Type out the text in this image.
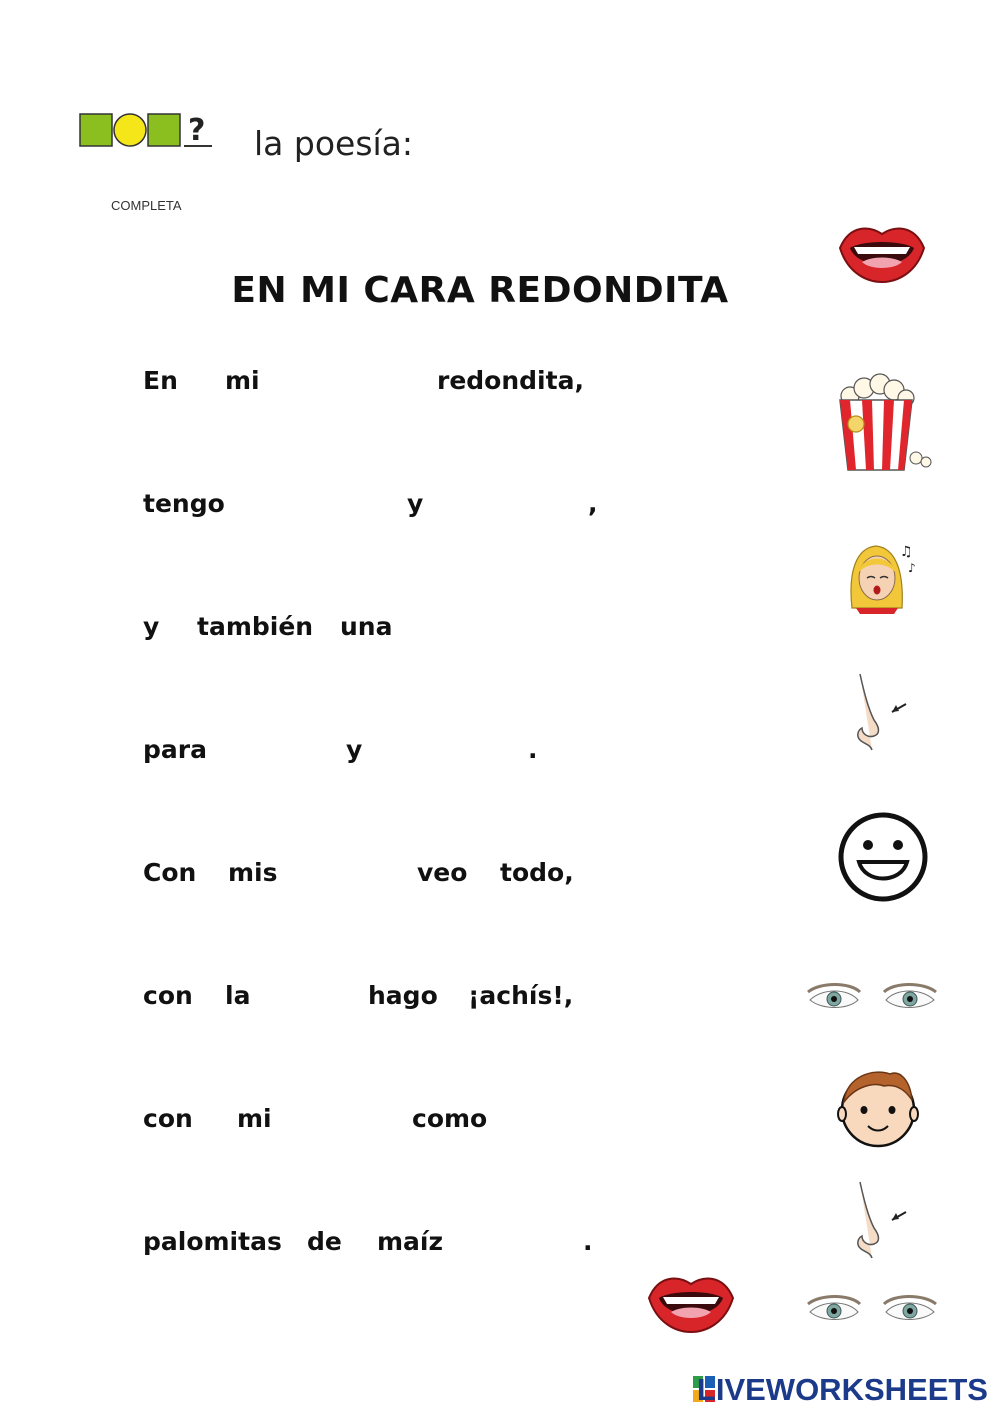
? la poesía:
COMPLETA
EN MI CARA REDONDITA
En mi	redondita,
tengo	y	,
y también una
para	y	.
Con mis	veo todo,
con la	hago ¡achís!,
con mi	como
palomitas de maíz	.
♫
♪
LIVEWORKSHEETS
